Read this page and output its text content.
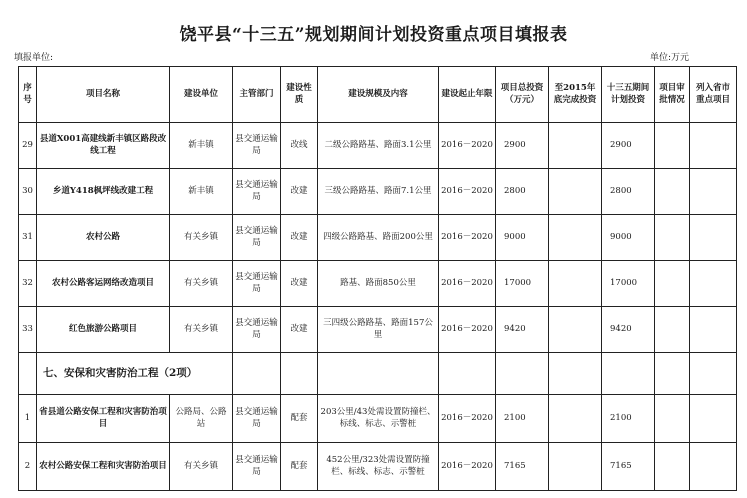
饶平县“十三五”规划期间计划投资重点项目填报表
填报单位:	单位:万元
序号	项目名称	建设单位	主管部门	建设性质	建设规模及内容	建设起止年限	项目总投资（万元）	至2015年底完成投资	十三五期间计划投资	项目审批情况	列入省市重点项目
29	县道X001高建线新丰镇区路段改线工程	新丰镇	县交通运输局	改线	二级公路路基、路面3.1公里	2016－2020	2900		2900		
30	乡道Y418枫坪线改建工程	新丰镇	县交通运输局	改建	三级公路路基、路面7.1公里	2016－2020	2800		2800		
31	农村公路	有关乡镇	县交通运输局	改建	四级公路路基、路面200公里	2016－2020	9000		9000		
32	农村公路客运网络改造项目	有关乡镇	县交通运输局	改建	路基、路面850公里	2016－2020	17000		17000		
33	红色旅游公路项目	有关乡镇	县交通运输局	改建	三四级公路路基、路面157公里	2016－2020	9420		9420		
	七、安保和灾害防治工程（2项）										
1	省县道公路安保工程和灾害防治项目	公路局、公路站	县交通运输局	配套	203公里/43处需设置防撞栏、标线、标志、示警桩	2016－2020	2100		2100		
2	农村公路安保工程和灾害防治项目	有关乡镇	县交通运输局	配套	452公里/323处需设置防撞栏、标线、标志、示警桩	2016－2020	7165		7165		
